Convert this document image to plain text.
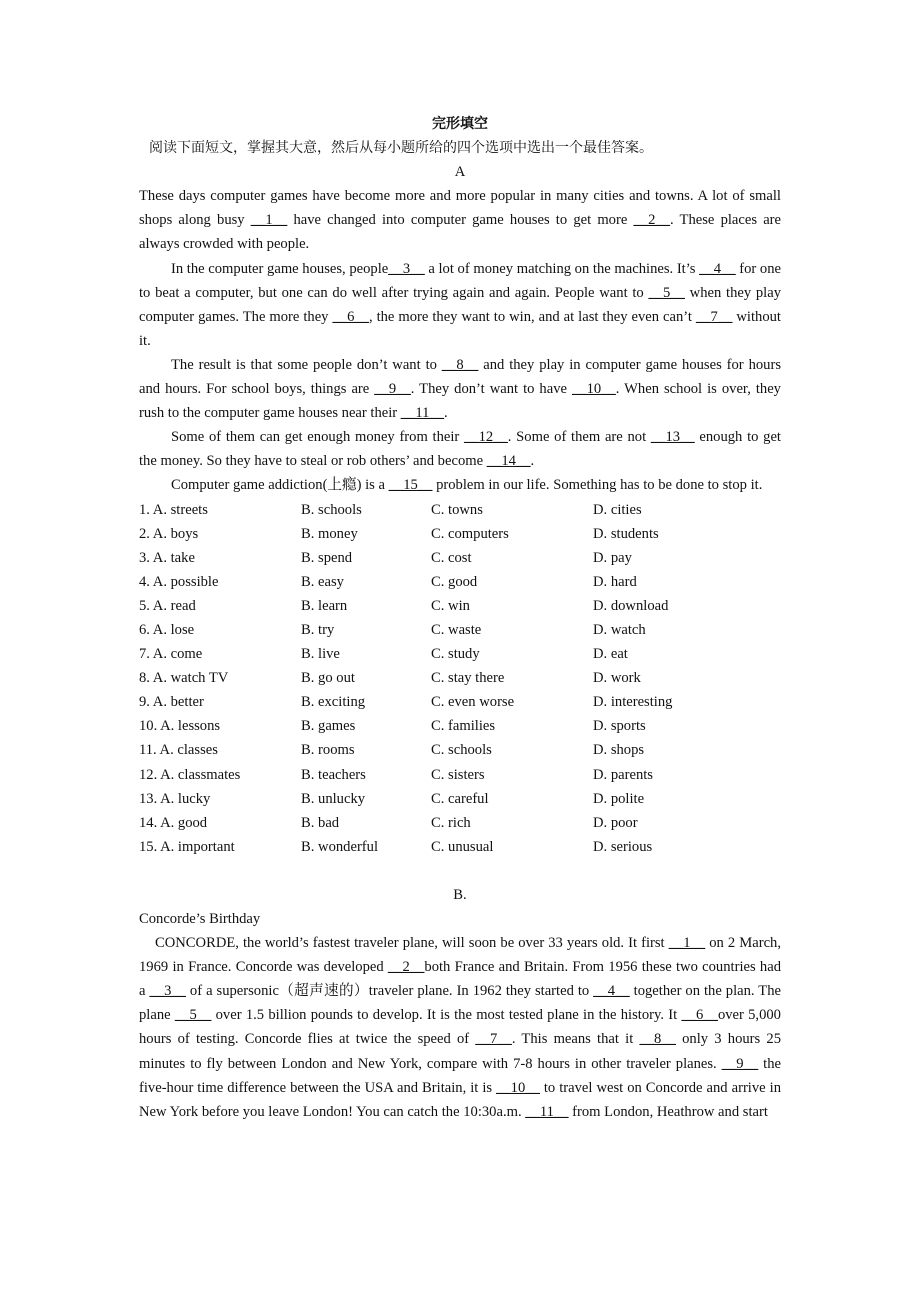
完形填空
阅读下面短文，掌握其大意，然后从每小题所给的四个选项中选出一个最佳答案。
A

These days computer games have become more and more popular in many cities and towns. A lot of small shops along busy __1__ have changed into computer game houses to get more __2__. These places are always crowded with people.

In the computer game houses, people__3__ a lot of money matching on the machines. It’s __4__ for one to beat a computer, but one can do well after trying again and again. People want to __5__ when they play computer games. The more they __6__, the more they want to win, and at last they even can’t __7__ without it.

The result is that some people don’t want to __8__ and they play in computer game houses for hours and hours. For school boys, things are __9__. They don’t want to have __10__. When school is over, they rush to the computer game houses near their __11__.

Some of them can get enough money from their __12__. Some of them are not __13__ enough to get the money. So they have to steal or rob others’ and become __14__.

Computer game addiction(上瘾) is a __15__ problem in our life. Something has to be done to stop it.

1. A. streets	B. schools	C. towns	D. cities
2. A. boys	B. money	C. computers	D. students
3. A. take	B. spend	C. cost	D. pay
4. A. possible	B. easy	C. good	D. hard
5. A. read	B. learn	C. win	D. download
6. A. lose	B. try	C. waste	D. watch
7. A. come	B. live	C. study	D. eat
8. A. watch TV	B. go out	C. stay there	D. work
9. A. better	B. exciting	C. even worse	D. interesting
10. A. lessons	B. games	C. families	D. sports
11. A. classes	B. rooms	C. schools	D. shops
12. A. classmates	B. teachers	C. sisters	D. parents
13. A. lucky	B. unlucky	C. careful	D. polite
14. A. good	B. bad	C. rich	D. poor
15. A. important	B. wonderful	C. unusual	D. serious
B.
Concorde’s Birthday

CONCORDE, the world’s fastest traveler plane, will soon be over 33 years old. It first __1__ on 2 March, 1969 in France. Concorde was developed __2__both France and Britain. From 1956 these two countries had a __3__ of a supersonic（超声速的）traveler plane. In 1962 they started to __4__ together on the plan. The plane __5__ over 1.5 billion pounds to develop. It is the most tested plane in the history. It __6__over 5,000 hours of testing. Concorde flies at twice the speed of __7__. This means that it __8__ only 3 hours 25 minutes to fly between London and New York, compare with 7-8 hours in other traveler planes. __9__ the five-hour time difference between the USA and Britain, it is __10__ to travel west on Concorde and arrive in New York before you leave London! You can catch the 10:30a.m. __11__ from London, Heathrow and start
